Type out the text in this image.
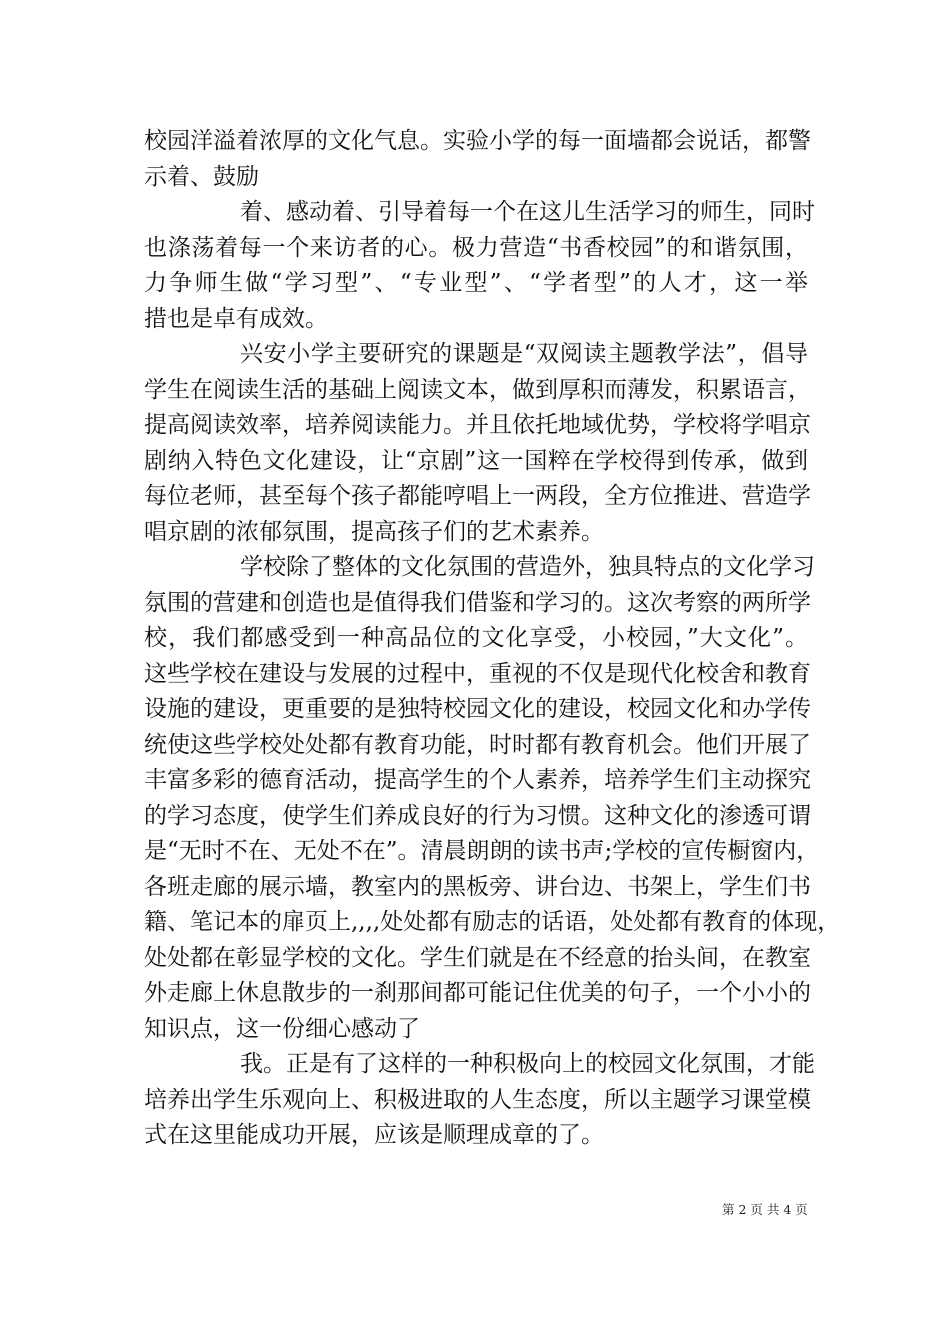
校园洋溢着浓厚的文化气息。实验小学的每一面墙都会说话，都警
示着、鼓励
着、感动着、引导着每一个在这儿生活学习的师生，同时
也涤荡着每一个来访者的心。极力营造“书香校园”的和谐氛围，
力争师生做“学习型”、“专业型”、“学者型”的人才，这一举
措也是卓有成效。
兴安小学主要研究的课题是“双阅读主题教学法”，倡导
学生在阅读生活的基础上阅读文本，做到厚积而薄发，积累语言，
提高阅读效率，培养阅读能力。并且依托地域优势，学校将学唱京
剧纳入特色文化建设，让“京剧”这一国粹在学校得到传承，做到
每位老师，甚至每个孩子都能哼唱上一两段，全方位推进、营造学
唱京剧的浓郁氛围，提高孩子们的艺术素养。
学校除了整体的文化氛围的营造外，独具特点的文化学习
氛围的营建和创造也是值得我们借鉴和学习的。这次考察的两所学
校，我们都感受到一种高品位的文化享受，小校园，”大文化”。
这些学校在建设与发展的过程中，重视的不仅是现代化校舍和教育
设施的建设，更重要的是独特校园文化的建设，校园文化和办学传
统使这些学校处处都有教育功能，时时都有教育机会。他们开展了
丰富多彩的德育活动，提高学生的个人素养，培养学生们主动探究
的学习态度，使学生们养成良好的行为习惯。这种文化的渗透可谓
是“无时不在、无处不在”。清晨朗朗的读书声;学校的宣传橱窗内，
各班走廊的展示墙，教室内的黑板旁、讲台边、书架上，学生们书
籍、笔记本的扉页上,,,,处处都有励志的话语，处处都有教育的体现，
处处都在彰显学校的文化。学生们就是在不经意的抬头间，在教室
外走廊上休息散步的一刹那间都可能记住优美的句子，一个小小的
知识点，这一份细心感动了
我。正是有了这样的一种积极向上的校园文化氛围，才能
培养出学生乐观向上、积极进取的人生态度，所以主题学习课堂模
式在这里能成功开展，应该是顺理成章的了。
第 2 页 共 4 页
